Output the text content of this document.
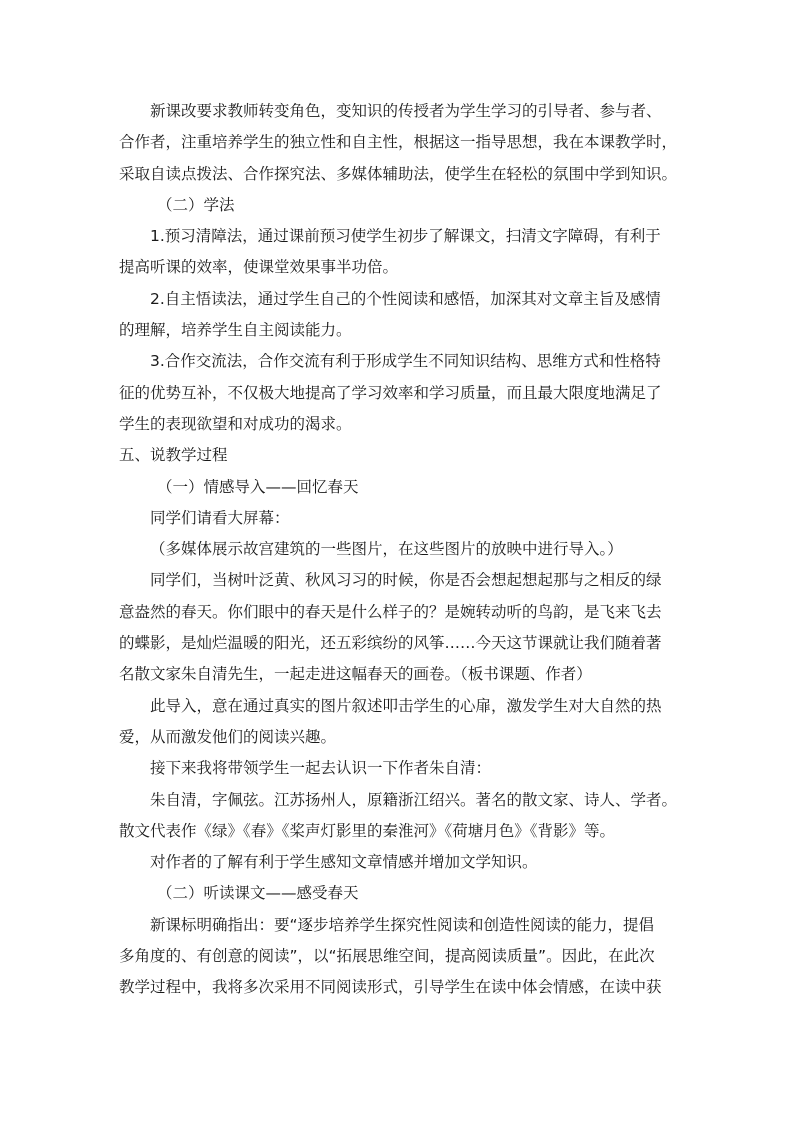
新课改要求教师转变角色，变知识的传授者为学生学习的引导者、参与者、
合作者，注重培养学生的独立性和自主性，根据这一指导思想，我在本课教学时，
采取自读点拨法、合作探究法、多媒体辅助法，使学生在轻松的氛围中学到知识。
（二）学法
1.预习清障法，通过课前预习使学生初步了解课文，扫清文字障碍，有利于
提高听课的效率，使课堂效果事半功倍。
2.自主悟读法，通过学生自己的个性阅读和感悟，加深其对文章主旨及感情
的理解，培养学生自主阅读能力。
3.合作交流法，合作交流有利于形成学生不同知识结构、思维方式和性格特
征的优势互补，不仅极大地提高了学习效率和学习质量，而且最大限度地满足了
学生的表现欲望和对成功的渴求。
五、说教学过程
（一）情感导入——回忆春天
同学们请看大屏幕：
（多媒体展示故宫建筑的一些图片，在这些图片的放映中进行导入。）
同学们，当树叶泛黄、秋风习习的时候，你是否会想起想起那与之相反的绿
意盎然的春天。你们眼中的春天是什么样子的？是婉转动听的鸟韵，是飞来飞去
的蝶影，是灿烂温暖的阳光，还五彩缤纷的风筝……今天这节课就让我们随着著
名散文家朱自清先生，一起走进这幅春天的画卷。（板书课题、作者）
此导入，意在通过真实的图片叙述叩击学生的心扉，激发学生对大自然的热
爱，从而激发他们的阅读兴趣。
接下来我将带领学生一起去认识一下作者朱自清：
朱自清，字佩弦。江苏扬州人，原籍浙江绍兴。著名的散文家、诗人、学者。
散文代表作《绿》《春》《桨声灯影里的秦淮河》《荷塘月色》《背影》等。
对作者的了解有利于学生感知文章情感并增加文学知识。
（二）听读课文——感受春天
新课标明确指出：要“逐步培养学生探究性阅读和创造性阅读的能力，提倡
多角度的、有创意的阅读”，以“拓展思维空间，提高阅读质量”。因此，在此次
教学过程中，我将多次采用不同阅读形式，引导学生在读中体会情感，在读中获
